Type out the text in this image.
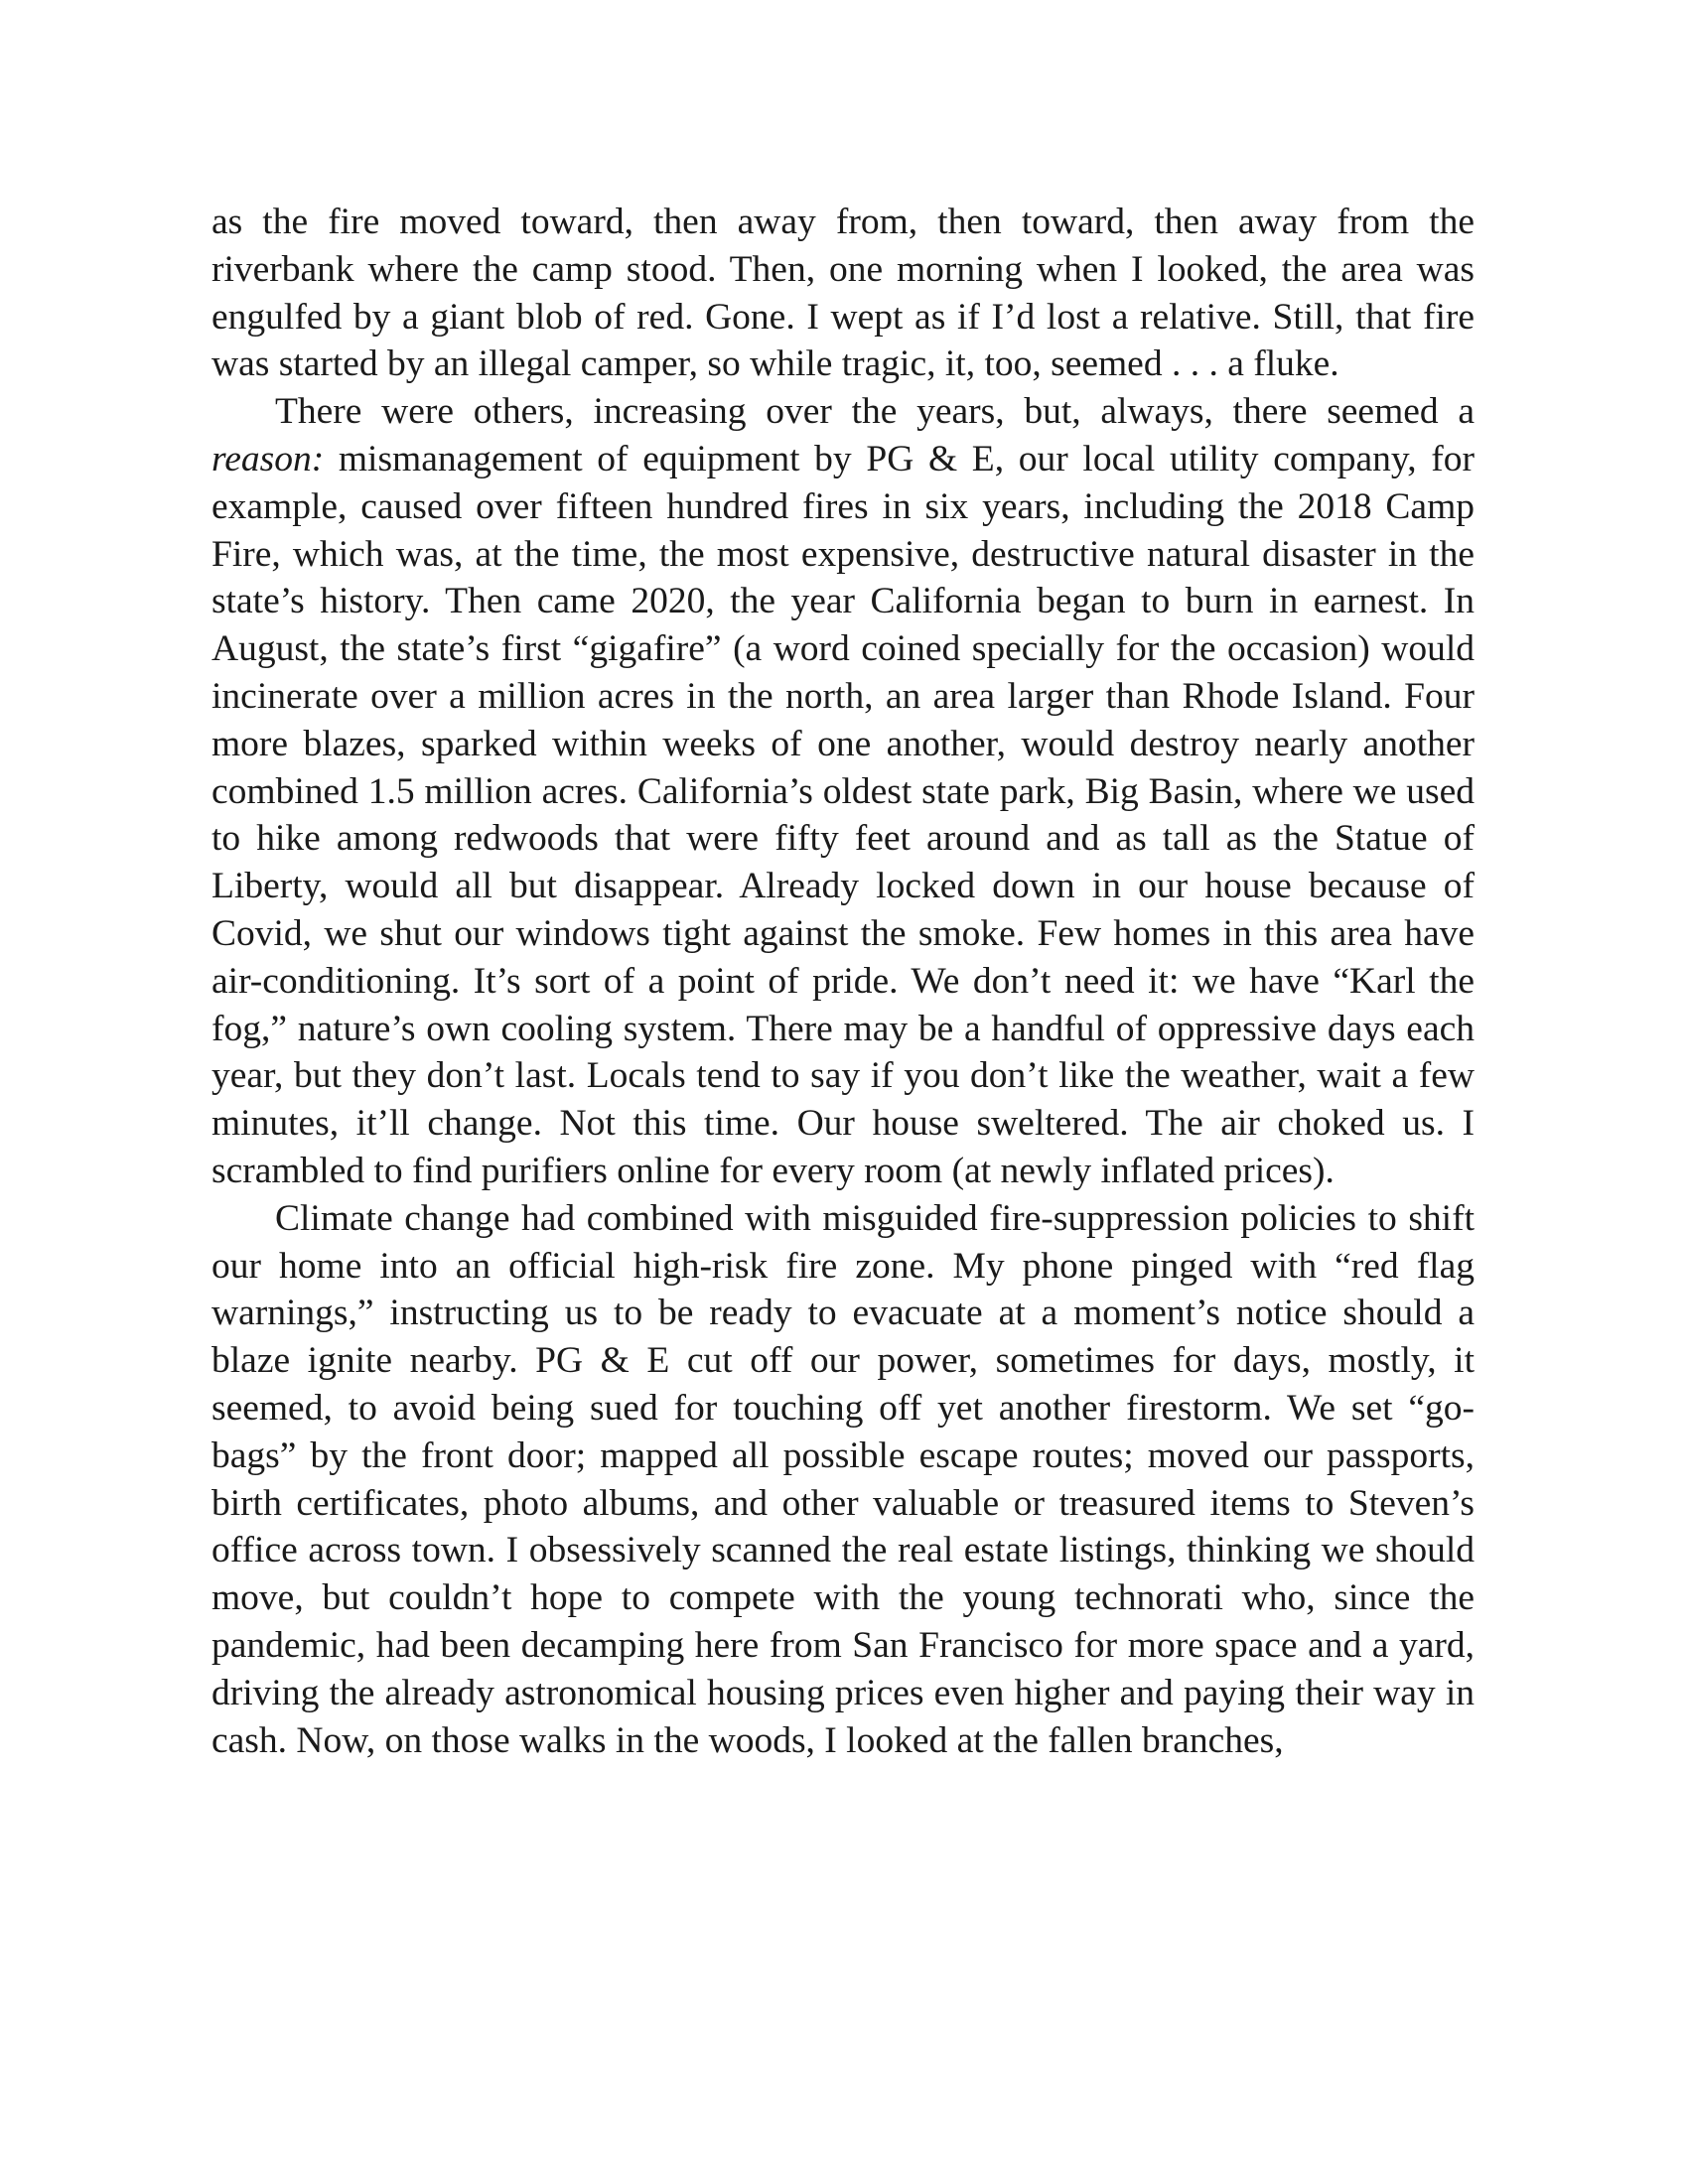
as the fire moved toward, then away from, then toward, then away from the riverbank where the camp stood. Then, one morning when I looked, the area was engulfed by a giant blob of red. Gone. I wept as if I’d lost a relative. Still, that fire was started by an illegal camper, so while tragic, it, too, seemed . . . a fluke.

There were others, increasing over the years, but, always, there seemed a reason: mismanagement of equipment by PG & E, our local utility company, for example, caused over fifteen hundred fires in six years, including the 2018 Camp Fire, which was, at the time, the most expensive, destructive natural disaster in the state’s history. Then came 2020, the year California began to burn in earnest. In August, the state’s first “gigafire” (a word coined specially for the occasion) would incinerate over a million acres in the north, an area larger than Rhode Island. Four more blazes, sparked within weeks of one another, would destroy nearly another combined 1.5 million acres. California’s oldest state park, Big Basin, where we used to hike among redwoods that were fifty feet around and as tall as the Statue of Liberty, would all but disappear. Already locked down in our house because of Covid, we shut our windows tight against the smoke. Few homes in this area have air-conditioning. It’s sort of a point of pride. We don’t need it: we have “Karl the fog,” nature’s own cooling system. There may be a handful of oppressive days each year, but they don’t last. Locals tend to say if you don’t like the weather, wait a few minutes, it’ll change. Not this time. Our house sweltered. The air choked us. I scrambled to find purifiers online for every room (at newly inflated prices).

Climate change had combined with misguided fire-suppression policies to shift our home into an official high-risk fire zone. My phone pinged with “red flag warnings,” instructing us to be ready to evacuate at a moment’s notice should a blaze ignite nearby. PG & E cut off our power, sometimes for days, mostly, it seemed, to avoid being sued for touching off yet another firestorm. We set “go-bags” by the front door; mapped all possible escape routes; moved our passports, birth certificates, photo albums, and other valuable or treasured items to Steven’s office across town. I obsessively scanned the real estate listings, thinking we should move, but couldn’t hope to compete with the young technorati who, since the pandemic, had been decamping here from San Francisco for more space and a yard, driving the already astronomical housing prices even higher and paying their way in cash. Now, on those walks in the woods, I looked at the fallen branches,
